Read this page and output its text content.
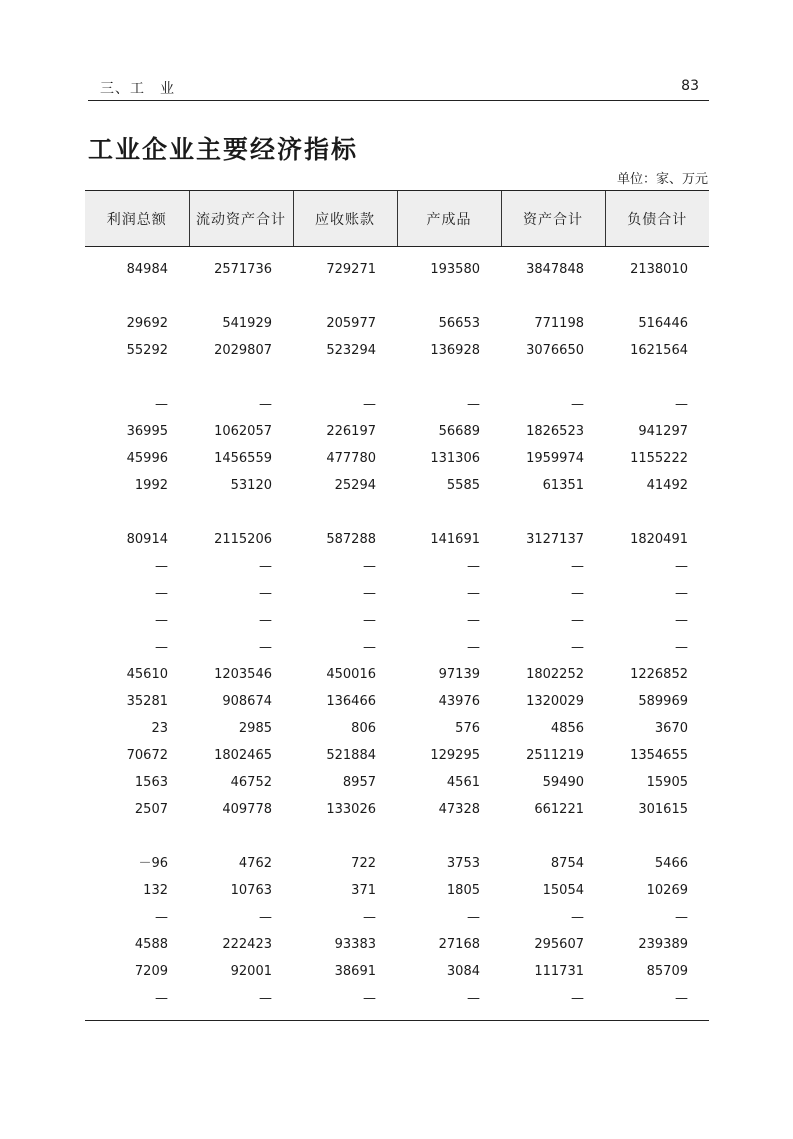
三、工　业	83
工业企业主要经济指标
单位：家、万元
利润总额	流动资产合计	应收账款	产成品	资产合计	负债合计
84984	2571736	729271	193580	3847848	2138010

29692	541929	205977	56653	771198	516446
55292	2029807	523294	136928	3076650	1621564

—	—	—	—	—	—
36995	1062057	226197	56689	1826523	941297
45996	1456559	477780	131306	1959974	1155222
1992	53120	25294	5585	61351	41492

80914	2115206	587288	141691	3127137	1820491
—	—	—	—	—	—
—	—	—	—	—	—
—	—	—	—	—	—
—	—	—	—	—	—
45610	1203546	450016	97139	1802252	1226852
35281	908674	136466	43976	1320029	589969
23	2985	806	576	4856	3670
70672	1802465	521884	129295	2511219	1354655
1563	46752	8957	4561	59490	15905
2507	409778	133026	47328	661221	301615

－96	4762	722	3753	8754	5466
132	10763	371	1805	15054	10269
—	—	—	—	—	—
4588	222423	93383	27168	295607	239389
7209	92001	38691	3084	111731	85709
—	—	—	—	—	—
